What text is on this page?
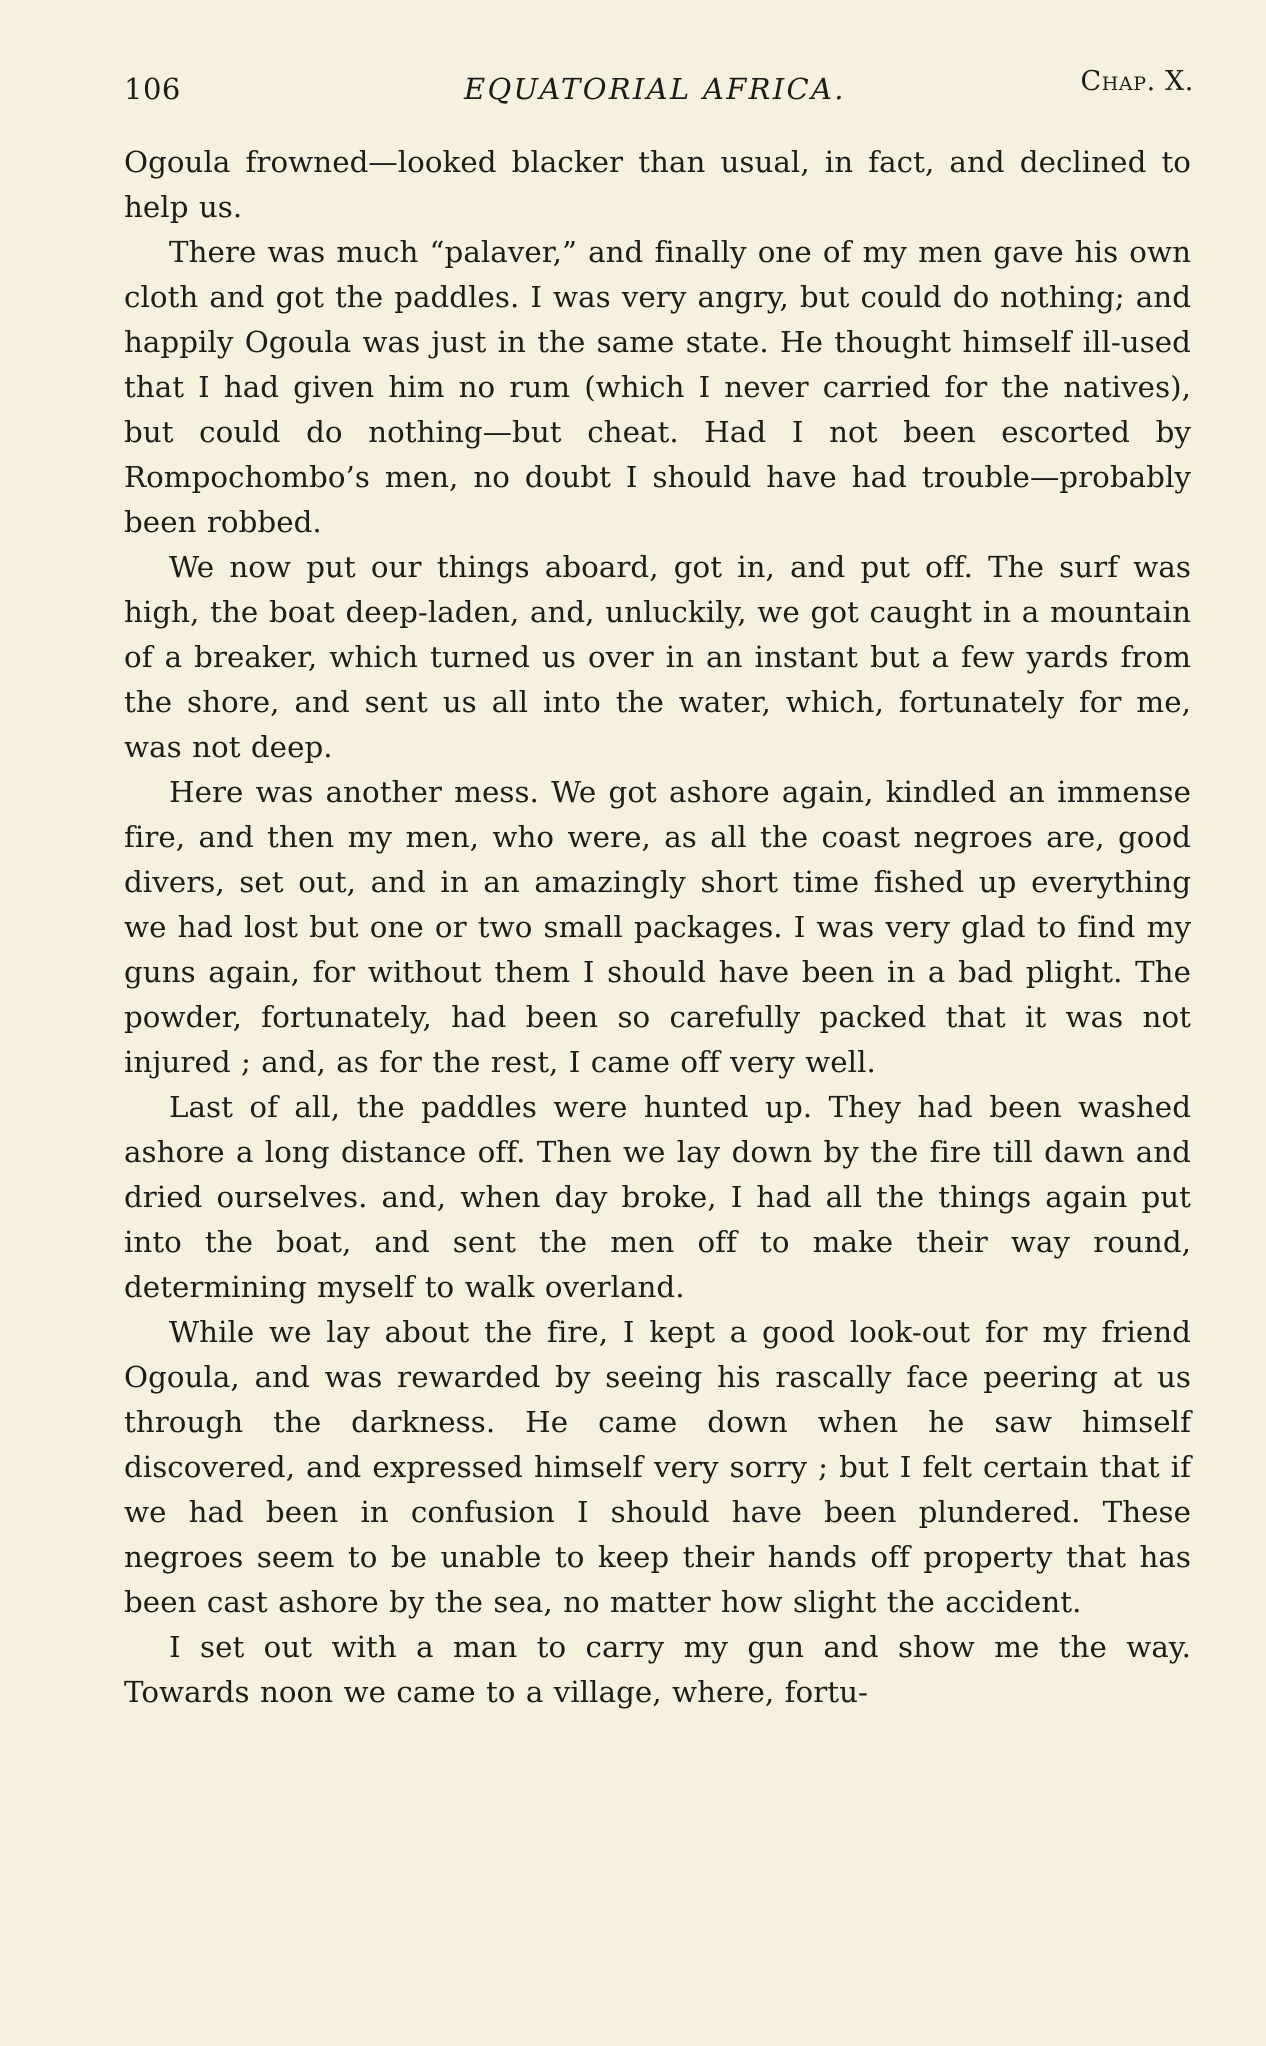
106	EQUATORIAL AFRICA.	Chap. X.

Ogoula frowned—looked blacker than usual, in fact, and declined to help us.

There was much “palaver,” and finally one of my men gave his own cloth and got the paddles. I was very angry, but could do nothing; and happily Ogoula was just in the same state. He thought himself ill-used that I had given him no rum (which I never carried for the natives), but could do nothing—but cheat. Had I not been escorted by Rompochombo’s men, no doubt I should have had trouble—probably been robbed.

We now put our things aboard, got in, and put off. The surf was high, the boat deep-laden, and, unluckily, we got caught in a mountain of a breaker, which turned us over in an instant but a few yards from the shore, and sent us all into the water, which, fortunately for me, was not deep.

Here was another mess. We got ashore again, kindled an immense fire, and then my men, who were, as all the coast negroes are, good divers, set out, and in an amazingly short time fished up everything we had lost but one or two small packages. I was very glad to find my guns again, for without them I should have been in a bad plight. The powder, fortunately, had been so carefully packed that it was not injured ; and, as for the rest, I came off very well.

Last of all, the paddles were hunted up. They had been washed ashore a long distance off. Then we lay down by the fire till dawn and dried ourselves. and, when day broke, I had all the things again put into the boat, and sent the men off to make their way round, determining myself to walk overland.

While we lay about the fire, I kept a good look-out for my friend Ogoula, and was rewarded by seeing his rascally face peering at us through the darkness. He came down when he saw himself discovered, and expressed himself very sorry ; but I felt certain that if we had been in confusion I should have been plundered. These negroes seem to be unable to keep their hands off property that has been cast ashore by the sea, no matter how slight the accident.

I set out with a man to carry my gun and show me the way. Towards noon we came to a village, where, fortu-
